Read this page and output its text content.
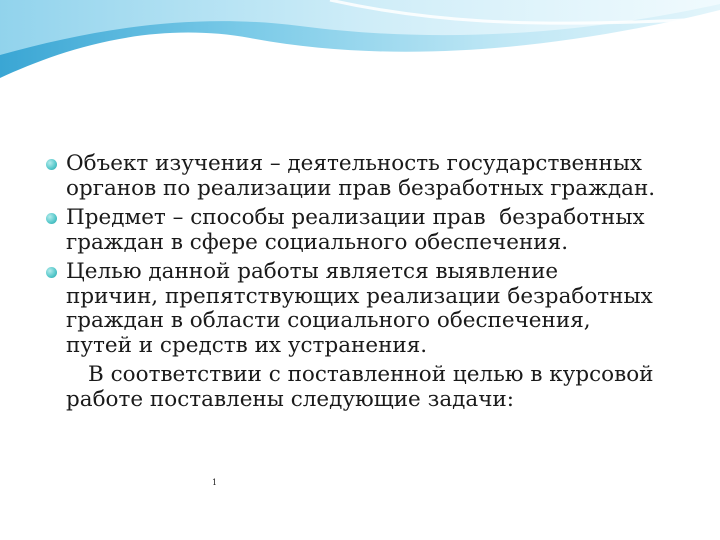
Объект изучения – деятельность государственных
органов по реализации прав безработных граждан.
Предмет – способы реализации прав  безработных
граждан в сфере социального обеспечения.
Целью данной работы является выявление
причин, препятствующих реализации безработных
граждан в области социального обеспечения,
путей и средств их устранения.
В соответствии с поставленной целью в курсовой
работе поставлены следующие задачи:
1
